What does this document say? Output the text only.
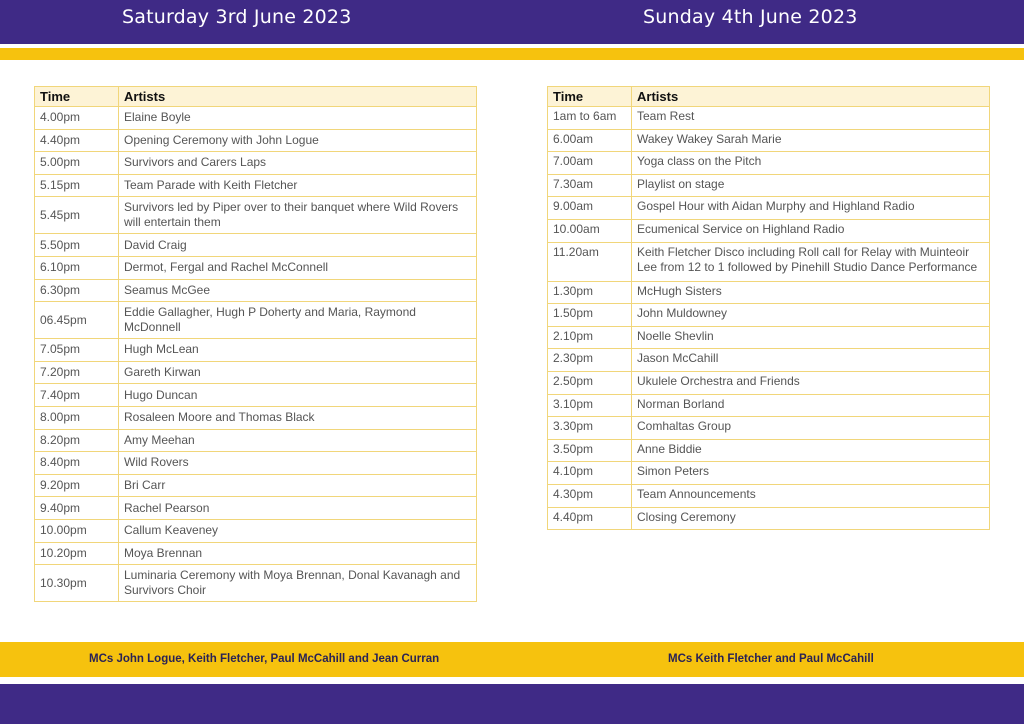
Saturday 3rd June 2023	Sunday 4th June 2023
Time	Artists
4.00pm	Elaine Boyle
4.40pm	Opening Ceremony with John Logue
5.00pm	Survivors and Carers Laps
5.15pm	Team Parade with Keith Fletcher
5.45pm	Survivors led by Piper over to their banquet where Wild Rovers will entertain them
5.50pm	David Craig
6.10pm	Dermot, Fergal and Rachel McConnell
6.30pm	Seamus McGee
06.45pm	Eddie Gallagher, Hugh P Doherty and Maria, Raymond McDonnell
7.05pm	Hugh McLean
7.20pm	Gareth Kirwan
7.40pm	Hugo Duncan
8.00pm	Rosaleen Moore and Thomas Black
8.20pm	Amy Meehan
8.40pm	Wild Rovers
9.20pm	Bri Carr
9.40pm	Rachel Pearson
10.00pm	Callum Keaveney
10.20pm	Moya Brennan
10.30pm	Luminaria Ceremony with Moya Brennan, Donal Kavanagh and Survivors Choir
Time	Artists
1am to 6am	Team Rest
6.00am	Wakey Wakey Sarah Marie
7.00am	Yoga class on the Pitch
7.30am	Playlist on stage
9.00am	Gospel Hour with Aidan Murphy and Highland Radio
10.00am	Ecumenical Service on Highland Radio
11.20am	Keith Fletcher Disco including Roll call for Relay with Muinteoir Lee from 12 to 1 followed by Pinehill Studio Dance Performance
1.30pm	McHugh Sisters
1.50pm	John Muldowney
2.10pm	Noelle Shevlin
2.30pm	Jason McCahill
2.50pm	Ukulele Orchestra and Friends
3.10pm	Norman Borland
3.30pm	Comhaltas Group
3.50pm	Anne Biddie
4.10pm	Simon Peters
4.30pm	Team Announcements
4.40pm	Closing Ceremony
MCs John Logue, Keith Fletcher, Paul McCahill and Jean Curran	MCs Keith Fletcher and Paul McCahill
